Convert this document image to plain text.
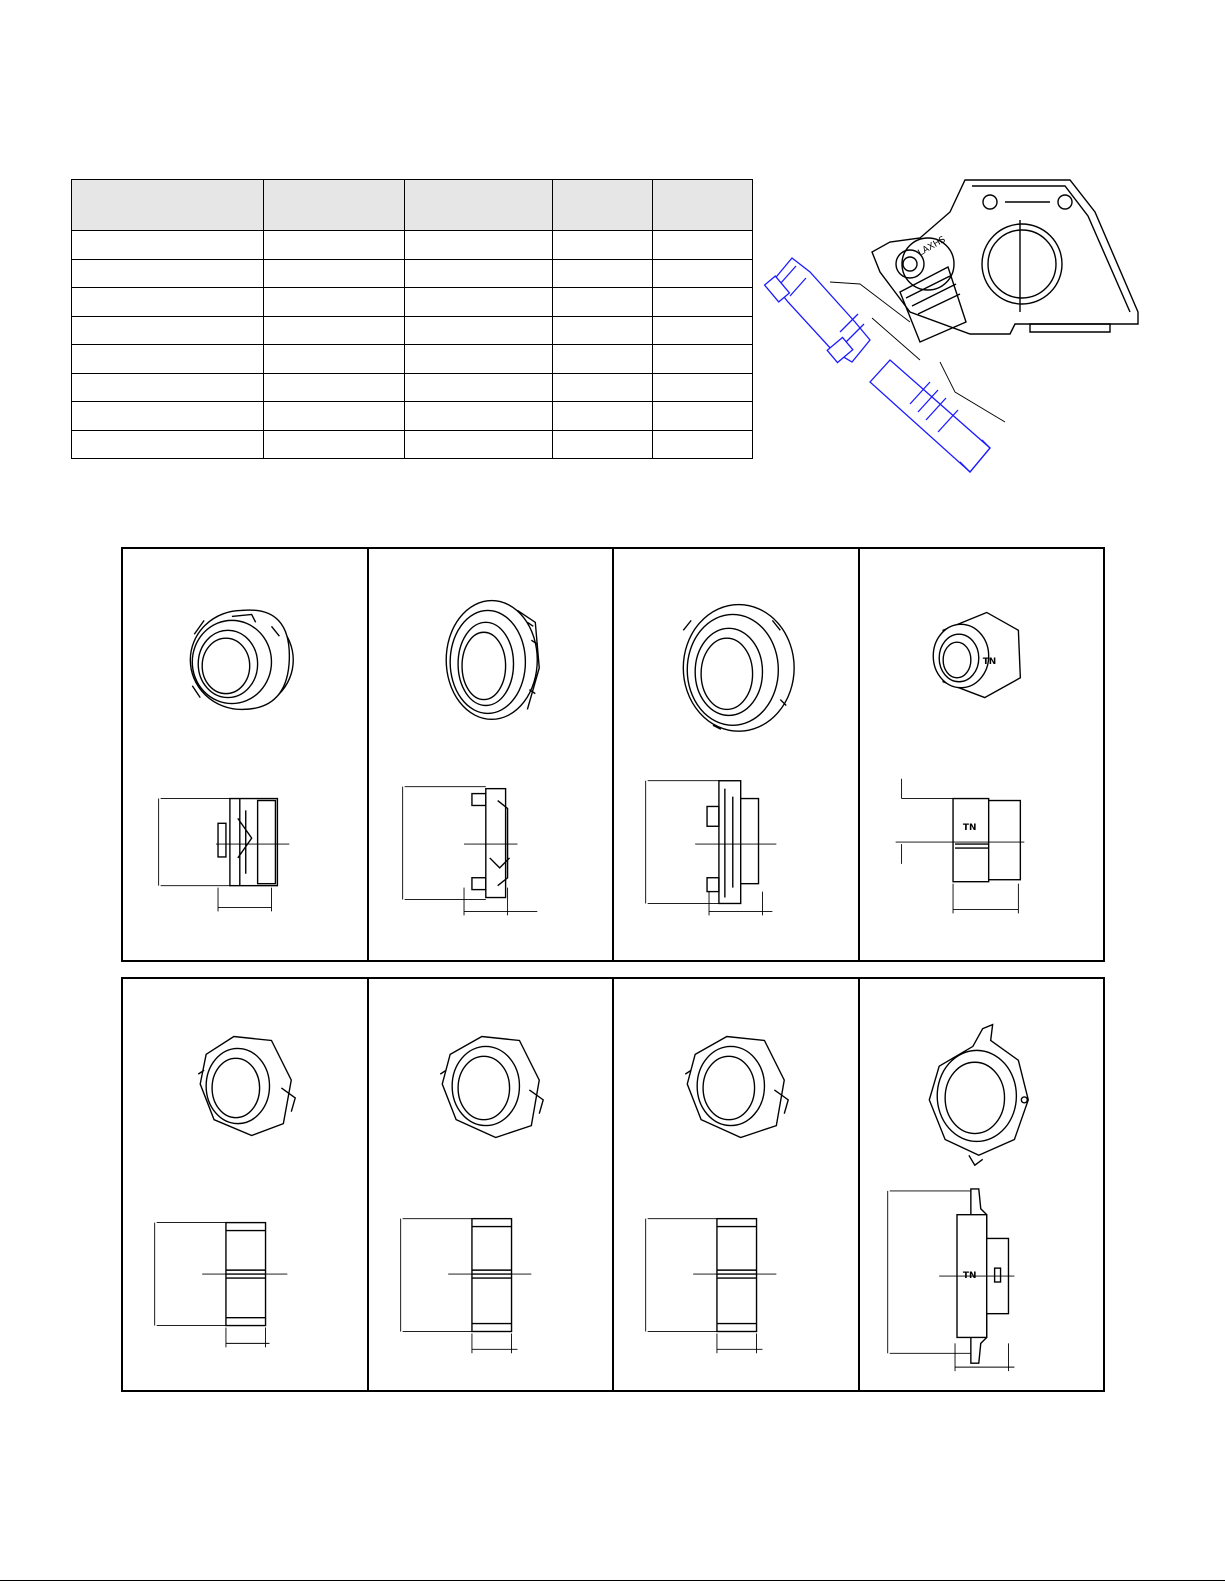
LAXHS
TN
TN
TN
